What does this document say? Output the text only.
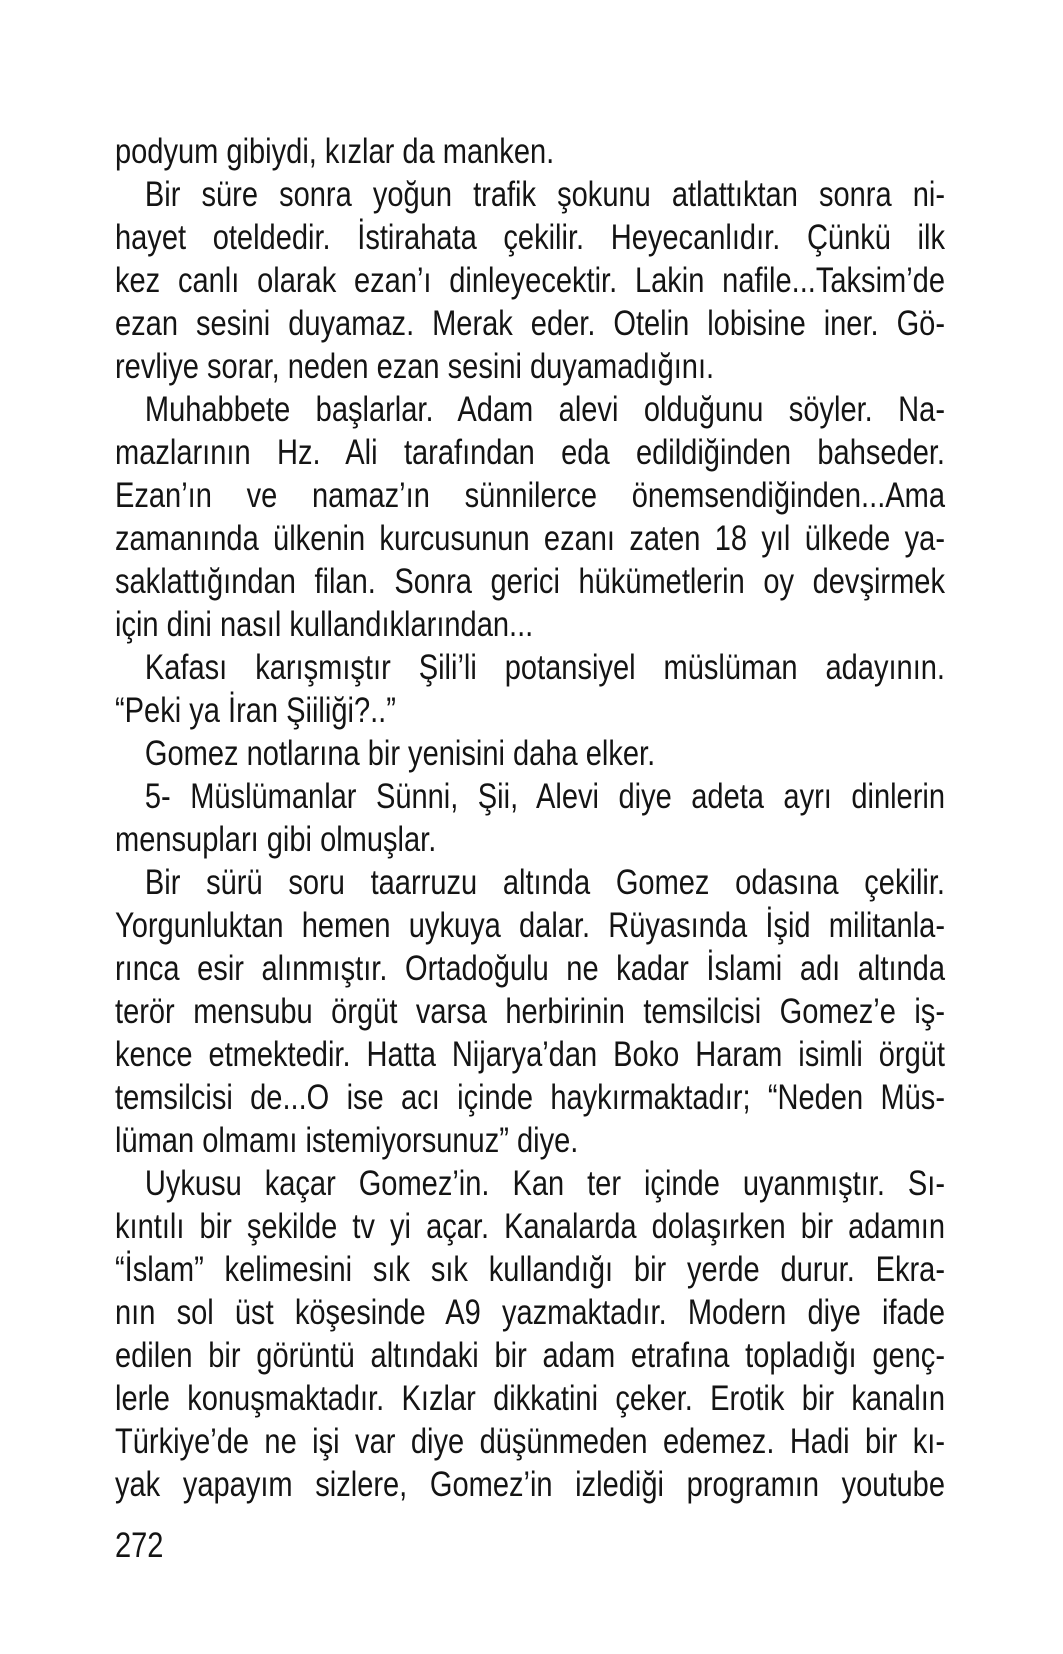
podyum gibiydi, kızlar da manken.
Bir süre sonra yoğun trafik şokunu atlattıktan sonra ni-
hayet oteldedir. İstirahata çekilir. Heyecanlıdır. Çünkü ilk
kez canlı olarak ezan’ı dinleyecektir. Lakin nafile...Taksim’de
ezan sesini duyamaz. Merak eder. Otelin lobisine iner. Gö-
revliye sorar, neden ezan sesini duyamadığını.
Muhabbete başlarlar. Adam alevi olduğunu söyler. Na-
mazlarının Hz. Ali tarafından eda edildiğinden bahseder.
Ezan’ın ve namaz’ın sünnilerce önemsendiğinden...Ama
zamanında ülkenin kurcusunun ezanı zaten 18 yıl ülkede ya-
saklattığından filan. Sonra gerici hükümetlerin oy devşirmek
için dini nasıl kullandıklarından...
Kafası karışmıştır Şili’li potansiyel müslüman adayının.
“Peki ya İran Şiiliği?..”
Gomez notlarına bir yenisini daha elker.
5- Müslümanlar Sünni, Şii, Alevi diye adeta ayrı dinlerin
mensupları gibi olmuşlar.
Bir sürü soru taarruzu altında Gomez odasına çekilir.
Yorgunluktan hemen uykuya dalar. Rüyasında İşid militanla-
rınca esir alınmıştır. Ortadoğulu ne kadar İslami adı altında
terör mensubu örgüt varsa herbirinin temsilcisi Gomez’e iş-
kence etmektedir. Hatta Nijarya’dan Boko Haram isimli örgüt
temsilcisi de...O ise acı içinde haykırmaktadır; “Neden Müs-
lüman olmamı istemiyorsunuz” diye.
Uykusu kaçar Gomez’in. Kan ter içinde uyanmıştır. Sı-
kıntılı bir şekilde tv yi açar. Kanalarda dolaşırken bir adamın
“İslam” kelimesini sık sık kullandığı bir yerde durur. Ekra-
nın sol üst köşesinde A9 yazmaktadır. Modern diye ifade
edilen bir görüntü altındaki bir adam etrafına topladığı genç-
lerle konuşmaktadır. Kızlar dikkatini çeker. Erotik bir kanalın
Türkiye’de ne işi var diye düşünmeden edemez. Hadi bir kı-
yak yapayım sizlere, Gomez’in izlediği programın youtube
272
